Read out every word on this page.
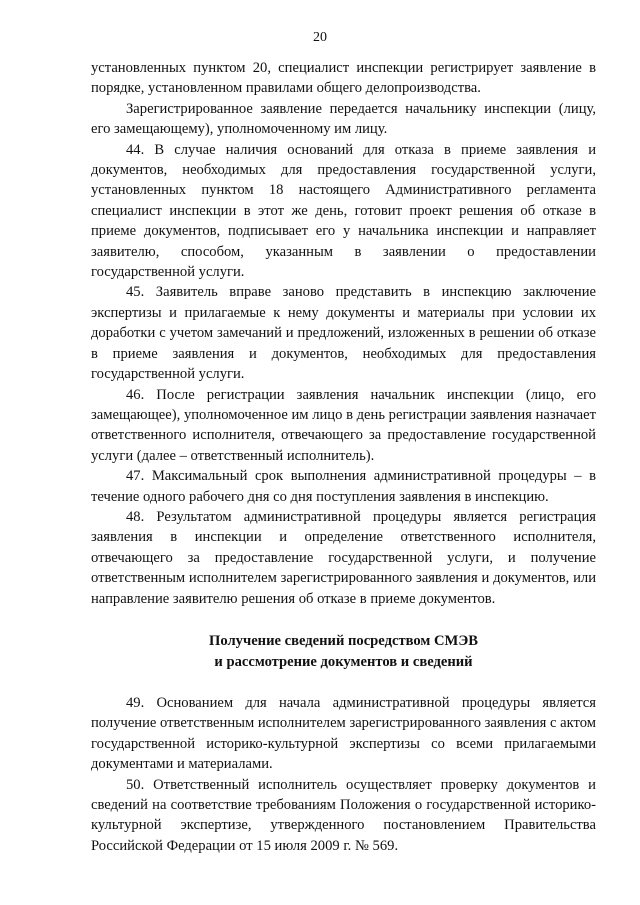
20

установленных пунктом 20, специалист инспекции регистрирует заявление в порядке, установленном правилами общего делопроизводства.

Зарегистрированное заявление передается начальнику инспекции (лицу, его замещающему), уполномоченному им лицу.

44. В случае наличия оснований для отказа в приеме заявления и документов, необходимых для предоставления государственной услуги, установленных пунктом 18 настоящего Административного регламента специалист инспекции в этот же день, готовит проект решения об отказе в приеме документов, подписывает его у начальника инспекции и направляет заявителю, способом, указанным в заявлении о предоставлении государственной услуги.

45. Заявитель вправе заново представить в инспекцию заключение экспертизы и прилагаемые к нему документы и материалы при условии их доработки с учетом замечаний и предложений, изложенных в решении об отказе в приеме заявления и документов, необходимых для предоставления государственной услуги.

46. После регистрации заявления начальник инспекции (лицо, его замещающее), уполномоченное им лицо в день регистрации заявления назначает ответственного исполнителя, отвечающего за предоставление государственной услуги (далее – ответственный исполнитель).

47. Максимальный срок выполнения административной процедуры – в течение одного рабочего дня со дня поступления заявления в инспекцию.

48. Результатом административной процедуры является регистрация заявления в инспекции и определение ответственного исполнителя, отвечающего за предоставление государственной услуги, и получение ответственным исполнителем зарегистрированного заявления и документов, или направление заявителю решения об отказе в приеме документов.

Получение сведений посредством СМЭВ
и рассмотрение документов и сведений

49. Основанием для начала административной процедуры является получение ответственным исполнителем зарегистрированного заявления с актом государственной историко-культурной экспертизы со всеми прилагаемыми документами и материалами.

50. Ответственный исполнитель осуществляет проверку документов и сведений на соответствие требованиям Положения о государственной историко-культурной экспертизе, утвержденного постановлением Правительства Российской Федерации от 15 июля 2009 г. № 569.
